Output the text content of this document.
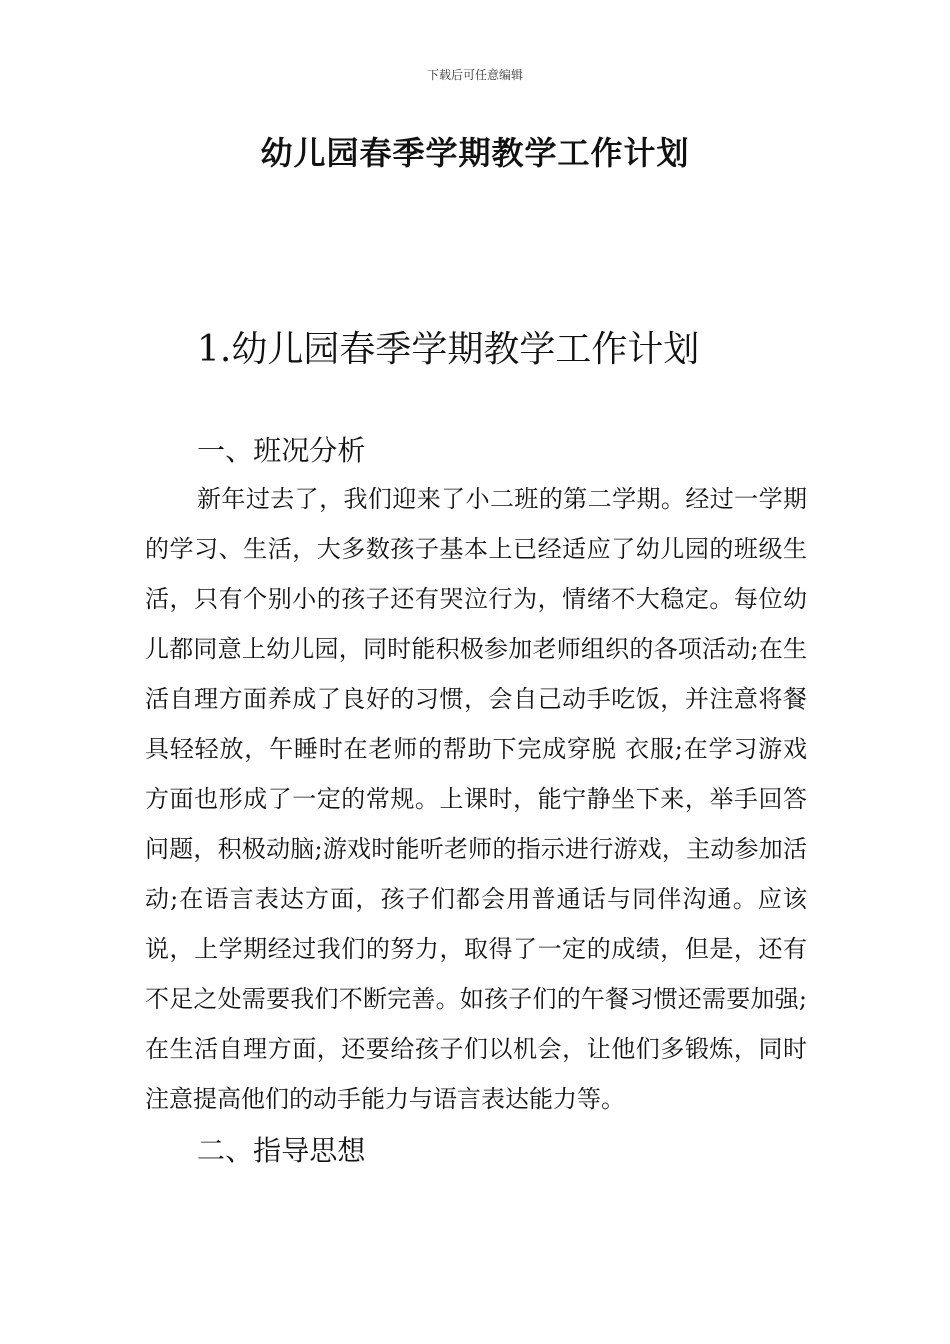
下载后可任意编辑
幼儿园春季学期教学工作计划
1.幼儿园春季学期教学工作计划
一、班况分析

新年过去了，我们迎来了小二班的第二学期。经过一学期的学习、生活，大多数孩子基本上已经适应了幼儿园的班级生活，只有个别小的孩子还有哭泣行为，情绪不大稳定。每位幼儿都同意上幼儿园，同时能积极参加老师组织的各项活动;在生活自理方面养成了良好的习惯，会自己动手吃饭，并注意将餐具轻轻放，午睡时在老师的帮助下完成穿脱 衣服;在学习游戏方面也形成了一定的常规。上课时，能宁静坐下来，举手回答问题，积极动脑;游戏时能听老师的指示进行游戏，主动参加活动;在语言表达方面，孩子们都会用普通话与同伴沟通。应该说，上学期经过我们的努力，取得了一定的成绩，但是，还有不足之处需要我们不断完善。如孩子们的午餐习惯还需要加强;在生活自理方面，还要给孩子们以机会，让他们多锻炼，同时注意提高他们的动手能力与语言表达能力等。

二、指导思想
